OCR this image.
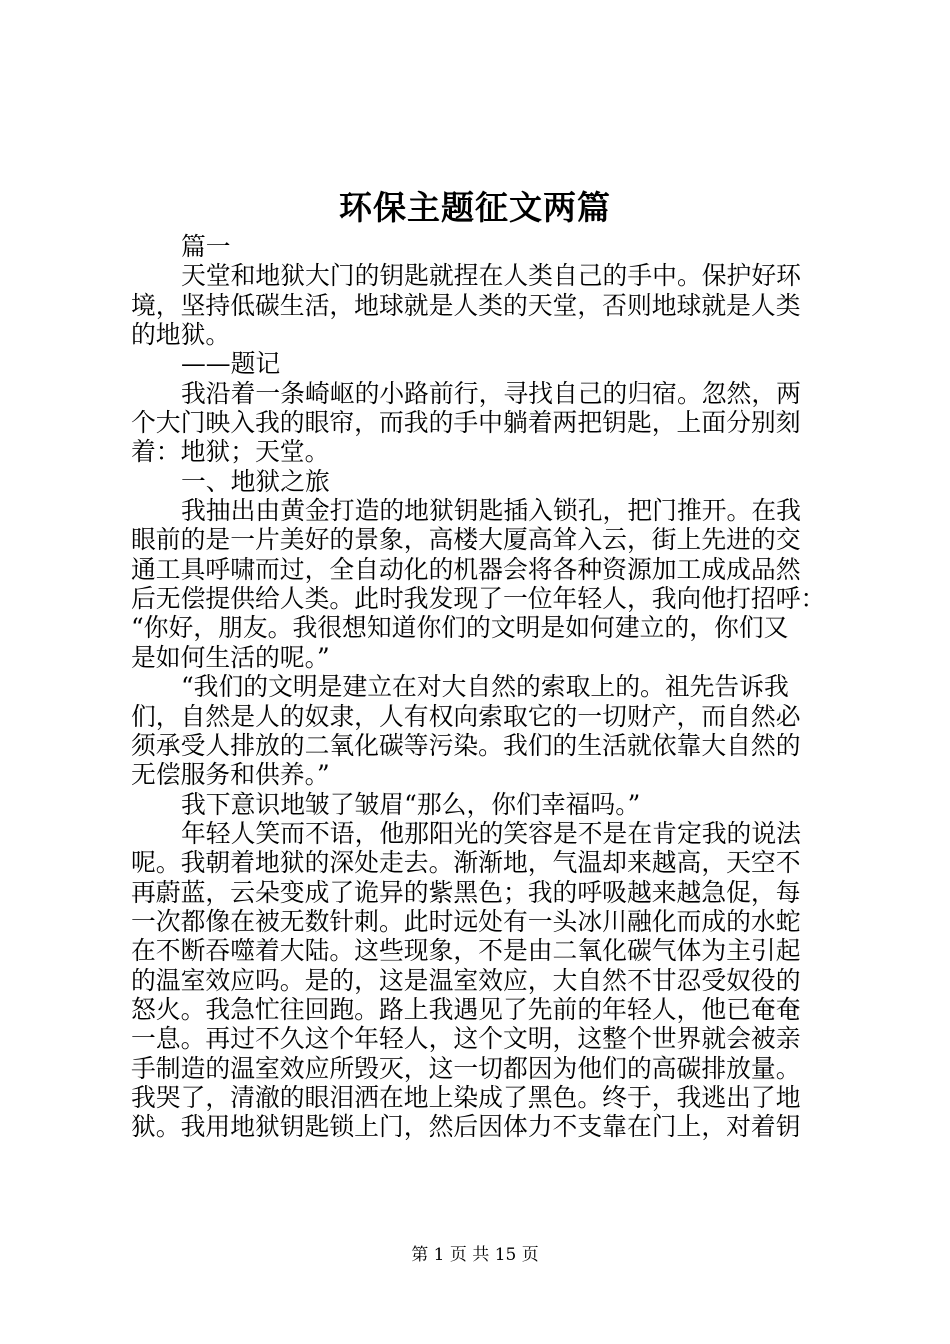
环保主题征文两篇
篇一
天堂和地狱大门的钥匙就捏在人类自己的手中。保护好环
境，坚持低碳生活，地球就是人类的天堂，否则地球就是人类
的地狱。
——题记
我沿着一条崎岖的小路前行，寻找自己的归宿。忽然，两
个大门映入我的眼帘，而我的手中躺着两把钥匙，上面分别刻
着：地狱；天堂。
一、地狱之旅
我抽出由黄金打造的地狱钥匙插入锁孔，把门推开。在我
眼前的是一片美好的景象，高楼大厦高耸入云，街上先进的交
通工具呼啸而过，全自动化的机器会将各种资源加工成成品然
后无偿提供给人类。此时我发现了一位年轻人，我向他打招呼：
“你好，朋友。我很想知道你们的文明是如何建立的，你们又
是如何生活的呢。”
“我们的文明是建立在对大自然的索取上的。祖先告诉我
们，自然是人的奴隶，人有权向索取它的一切财产，而自然必
须承受人排放的二氧化碳等污染。我们的生活就依靠大自然的
无偿服务和供养。”
我下意识地皱了皱眉“那么，你们幸福吗。”
年轻人笑而不语，他那阳光的笑容是不是在肯定我的说法
呢。我朝着地狱的深处走去。渐渐地，气温却来越高，天空不
再蔚蓝，云朵变成了诡异的紫黑色；我的呼吸越来越急促，每
一次都像在被无数针刺。此时远处有一头冰川融化而成的水蛇
在不断吞噬着大陆。这些现象，不是由二氧化碳气体为主引起
的温室效应吗。是的，这是温室效应，大自然不甘忍受奴役的
怒火。我急忙往回跑。路上我遇见了先前的年轻人，他已奄奄
一息。再过不久这个年轻人，这个文明，这整个世界就会被亲
手制造的温室效应所毁灭，这一切都因为他们的高碳排放量。
我哭了，清澈的眼泪洒在地上染成了黑色。终于，我逃出了地
狱。我用地狱钥匙锁上门，然后因体力不支靠在门上，对着钥
第 1 页 共 15 页
